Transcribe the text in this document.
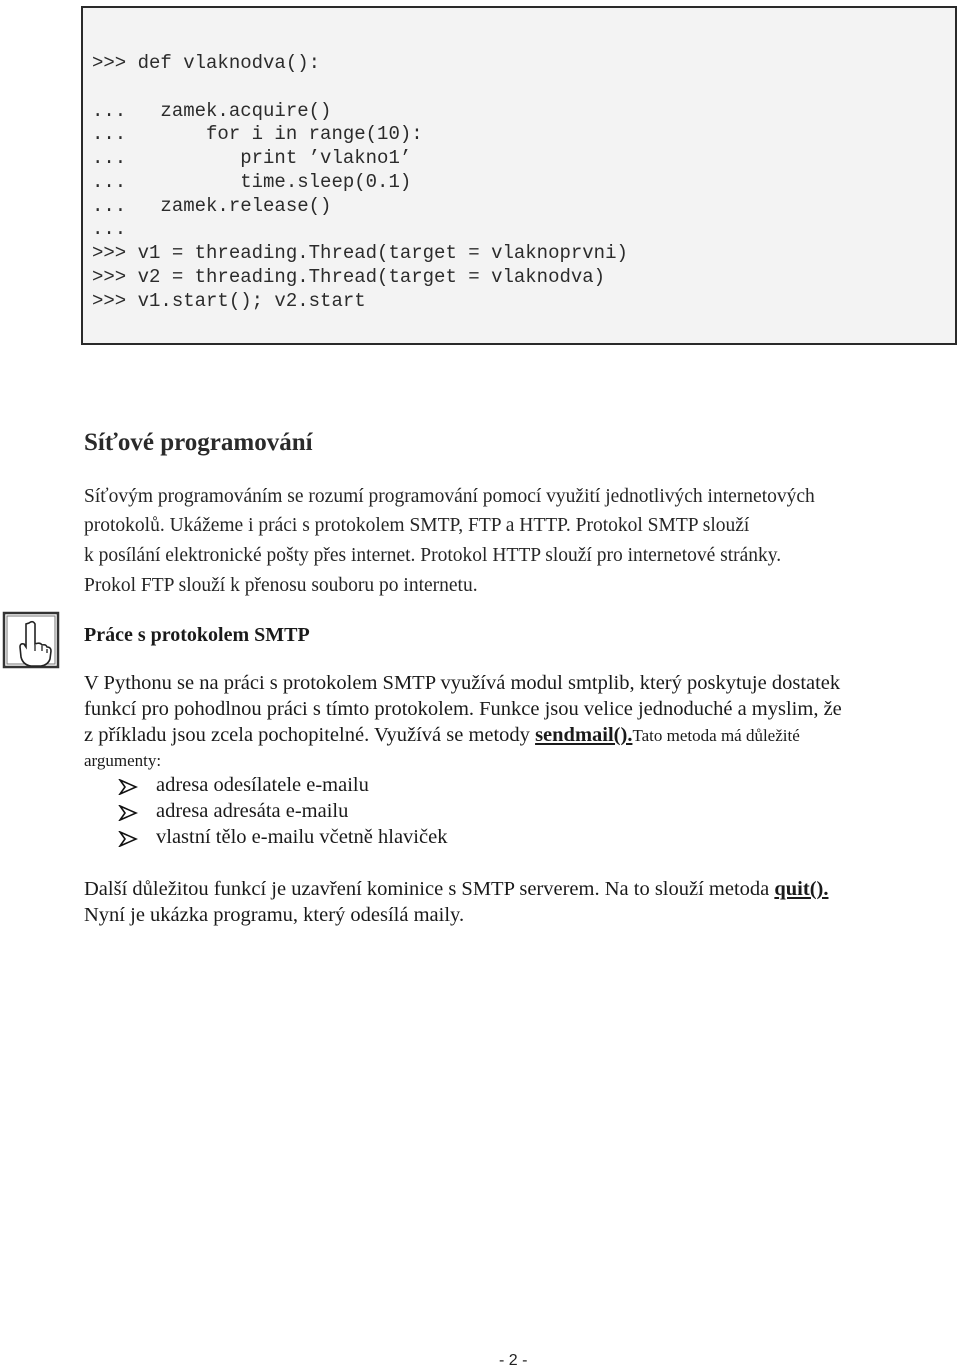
>>> def vlaknodva():
...   zamek.acquire()
...       for i in range(10):
...          print ’vlakno1’
...          time.sleep(0.1)
...   zamek.release()
...
>>> v1 = threading.Thread(target = vlaknoprvni)
>>> v2 = threading.Thread(target = vlaknodva)
>>> v1.start(); v2.start
Síťové programování
Síťovým programováním se rozumí programování pomocí využití jednotlivých internetových
protokolů. Ukážeme i práci s protokolem SMTP, FTP a HTTP. Protokol SMTP slouží
k posílání elektronické pošty přes internet. Protokol HTTP slouží pro internetové stránky.
Prokol FTP slouží k přenosu souboru po internetu.
Práce s protokolem SMTP
V Pythonu se na práci s protokolem SMTP využívá modul smtplib, který poskytuje dostatek
funkcí pro pohodlnou práci s tímto protokolem. Funkce jsou velice jednoduché a myslim, že
z příkladu jsou zcela pochopitelné. Využívá se metody sendmail().Tato metoda má důležité
argumenty:
adresa odesílatele e-mailu
adresa adresáta e-mailu
vlastní tělo e-mailu včetně hlaviček
Další důležitou funkcí je uzavření kominice s SMTP serverem. Na to slouží metoda quit().
Nyní je ukázka programu, který odesílá maily.
- 2 -
